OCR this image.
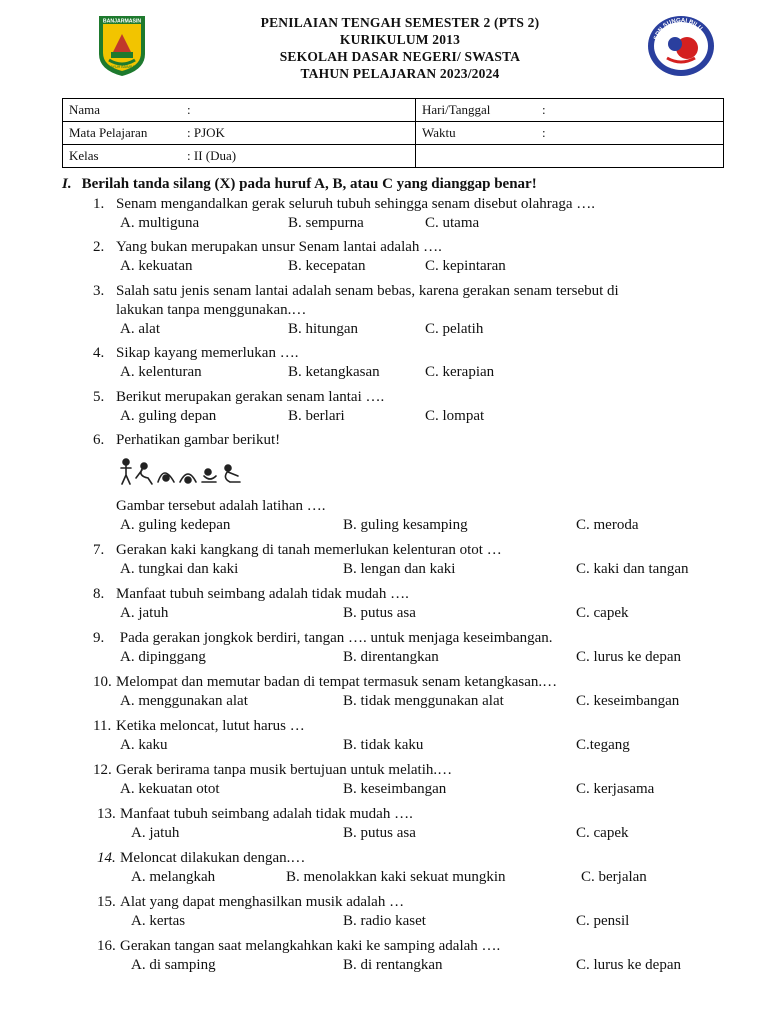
BANJARMASIN
KAYUH BAIMBAI
PENILAIAN TENGAH SEMESTER 2 (PTS 2)
KURIKULUM 2013
SEKOLAH DASAR NEGERI/ SWASTA
TAHUN PELAJARAN 2023/2024
SDN SUNGAI BILU
Nama :	Hari/Tanggal :
Mata Pelajaran : PJOK	Waktu :
Kelas : II (Dua)	
I. Berilah tanda silang (X) pada huruf A, B, atau C yang dianggap benar!
1. Senam mengandalkan gerak seluruh tubuh sehingga senam disebut olahraga ….
A. multiguna	B. sempurna	C. utama
2. Yang bukan merupakan unsur Senam lantai adalah ….
A. kekuatan	B. kecepatan	C. kepintaran
3. Salah satu jenis senam lantai adalah senam bebas, karena gerakan senam tersebut di
lakukan tanpa menggunakan.…
A. alat	B. hitungan	C. pelatih
4. Sikap kayang memerlukan ….
A. kelenturan	B. ketangkasan	C. kerapian
5. Berikut merupakan gerakan senam lantai ….
A. guling depan	B. berlari	C. lompat
6. Perhatikan gambar berikut!
Gambar tersebut adalah latihan ….
A. guling kedepan	B. guling kesamping	C. meroda
7. Gerakan kaki kangkang di tanah memerlukan kelenturan otot …
A. tungkai dan kaki	B. lengan dan kaki	C. kaki dan tangan
8. Manfaat tubuh seimbang adalah tidak mudah ….
A. jatuh	B. putus asa	C. capek
9. Pada gerakan jongkok berdiri, tangan …. untuk menjaga keseimbangan.
A. dipinggang	B. direntangkan	C. lurus ke depan
10. Melompat dan memutar badan di tempat termasuk senam ketangkasan.…
A. menggunakan alat	B. tidak menggunakan alat	C. keseimbangan
11. Ketika meloncat, lutut harus …
A. kaku	B. tidak kaku	C.tegang
12. Gerak berirama tanpa musik bertujuan untuk melatih.…
A. kekuatan otot	B. keseimbangan	C. kerjasama
13. Manfaat tubuh seimbang adalah tidak mudah ….
A. jatuh	B. putus asa	C. capek
14. Meloncat dilakukan dengan.…
A. melangkah	B. menolakkan kaki sekuat mungkin	C. berjalan
15. Alat yang dapat menghasilkan musik adalah …
A. kertas	B. radio kaset	C. pensil
16. Gerakan tangan saat melangkahkan kaki ke samping adalah ….
A. di samping	B. di rentangkan	C. lurus ke depan
